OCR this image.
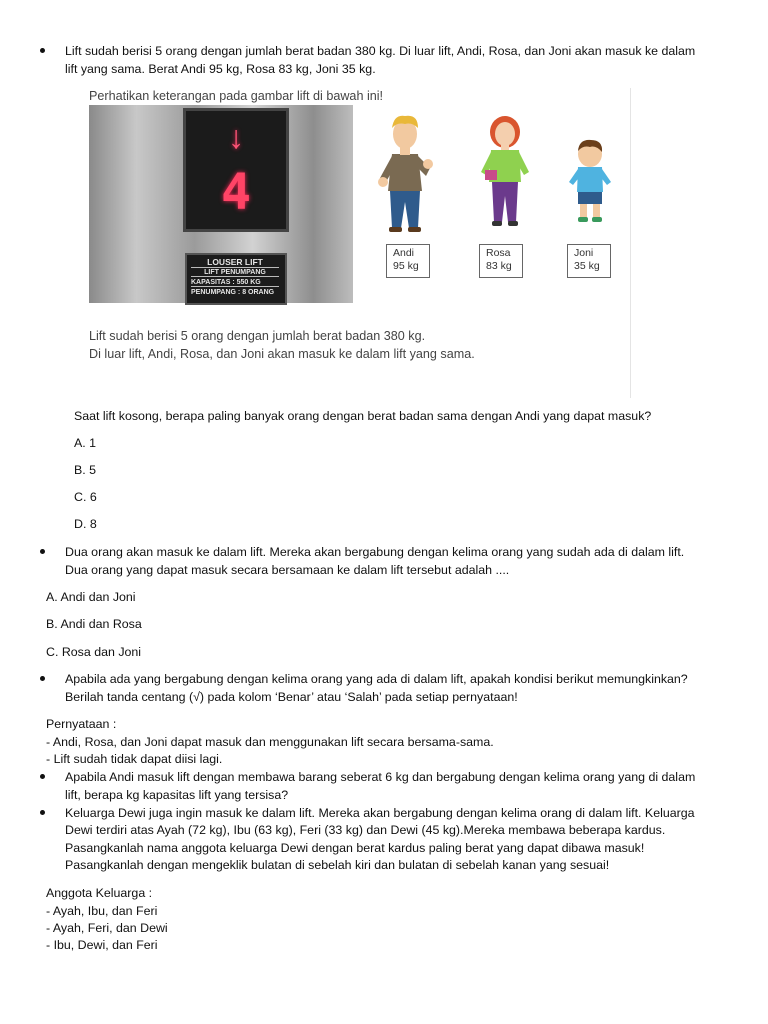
Lift sudah berisi 5 orang dengan jumlah berat badan 380 kg. Di luar lift, Andi, Rosa, dan Joni akan masuk ke dalam
lift yang sama. Berat Andi 95 kg, Rosa 83 kg, Joni 35 kg.
Perhatikan keterangan pada gambar lift di bawah ini!
↓
4
LOUSER LIFT
LIFT PENUMPANG
KAPASITAS : 550 KG
PENUMPANG : 8 ORANG
Andi
95 kg
Rosa
83 kg
Joni
35 kg
Lift sudah berisi 5 orang dengan jumlah berat badan 380 kg.
Di luar lift, Andi, Rosa, dan Joni akan masuk ke dalam lift yang sama.
Saat lift kosong, berapa paling banyak orang dengan berat badan sama dengan Andi yang dapat masuk?
A. 1
B. 5
C. 6
D. 8
Dua orang akan masuk ke dalam lift. Mereka akan bergabung dengan kelima orang yang sudah ada di dalam lift.
Dua orang yang dapat masuk secara bersamaan ke dalam lift tersebut adalah ....
A. Andi dan Joni
B. Andi dan Rosa
C. Rosa dan Joni
Apabila ada yang bergabung dengan kelima orang yang ada di dalam lift, apakah kondisi berikut memungkinkan?
Berilah tanda centang (√) pada kolom ‘Benar’ atau ‘Salah’ pada setiap pernyataan!
Pernyataan :
- Andi, Rosa, dan Joni dapat masuk dan menggunakan lift secara bersama-sama.
- Lift sudah tidak dapat diisi lagi.
Apabila Andi masuk lift dengan membawa barang seberat 6 kg dan bergabung dengan kelima orang yang di dalam
lift, berapa kg kapasitas lift yang tersisa?
Keluarga Dewi juga ingin masuk ke dalam lift. Mereka akan bergabung dengan kelima orang di dalam lift. Keluarga
Dewi terdiri atas Ayah (72 kg), Ibu (63 kg), Feri (33 kg) dan Dewi (45 kg).Mereka membawa beberapa kardus.
Pasangkanlah nama anggota keluarga Dewi dengan berat kardus paling berat yang dapat dibawa masuk!
Pasangkanlah dengan mengeklik bulatan di sebelah kiri dan bulatan di sebelah kanan yang sesuai!
Anggota Keluarga :
- Ayah, Ibu, dan Feri
- Ayah, Feri, dan Dewi
- Ibu, Dewi, dan Feri
